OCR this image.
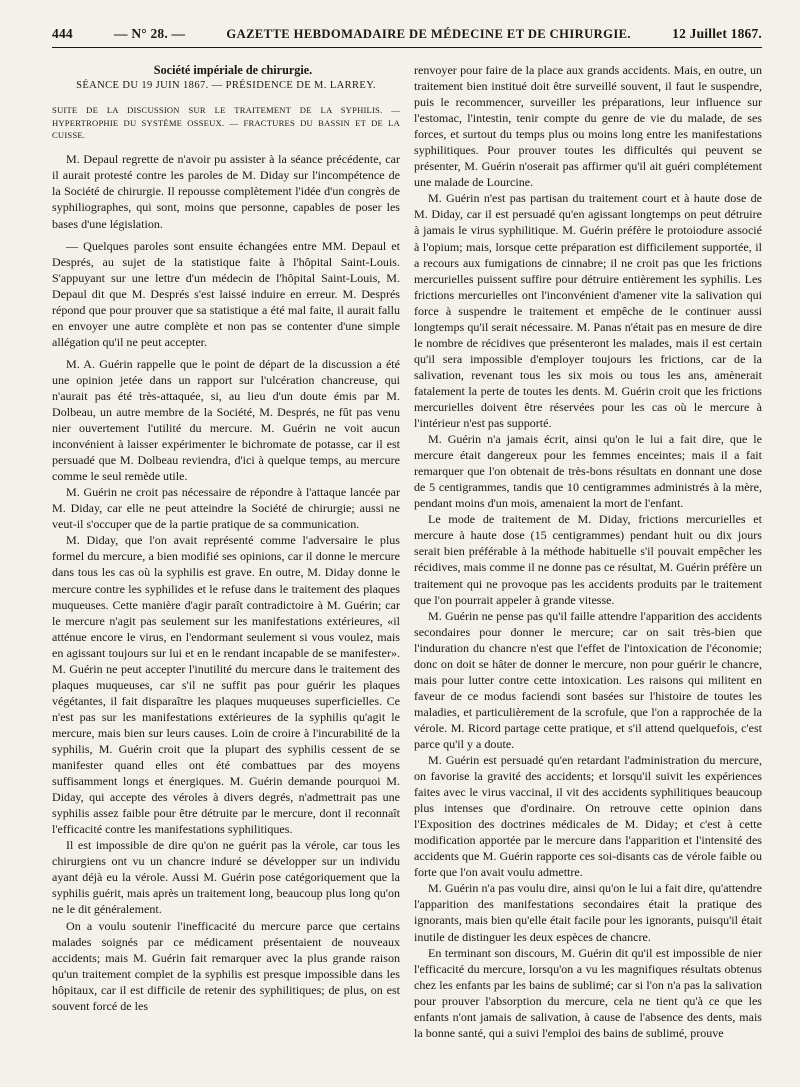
444	— N° 28. —	GAZETTE HEBDOMADAIRE DE MÉDECINE ET DE CHIRURGIE.	12 Juillet 1867.

Société impériale de chirurgie.

SÉANCE DU 19 JUIN 1867. — PRÉSIDENCE DE M. LARREY.
SUITE DE LA DISCUSSION SUR LE TRAITEMENT DE LA SYPHILIS. — HYPERTROPHIE DU SYSTÈME OSSEUX. — FRACTURES DU BASSIN ET DE LA CUISSE.

M. Depaul regrette de n'avoir pu assister à la séance précédente, car il aurait protesté contre les paroles de M. Diday sur l'incompétence de la Société de chirurgie. Il repousse complètement l'idée d'un congrès de syphiliographes, qui sont, moins que personne, capables de poser les bases d'une législation.

— Quelques paroles sont ensuite échangées entre MM. Depaul et Després, au sujet de la statistique faite à l'hôpital Saint-Louis. S'appuyant sur une lettre d'un médecin de l'hôpital Saint-Louis, M. Depaul dit que M. Després s'est laissé induire en erreur. M. Després répond que pour prouver que sa statistique a été mal faite, il aurait fallu en envoyer une autre complète et non pas se contenter d'une simple allégation qu'il ne peut accepter.

M. A. Guérin rappelle que le point de départ de la discussion a été une opinion jetée dans un rapport sur l'ulcération chancreuse, qui n'aurait pas été très-attaquée, si, au lieu d'un doute émis par M. Dolbeau, un autre membre de la Société, M. Després, ne fût pas venu nier ouvertement l'utilité du mercure. M. Guérin ne voit aucun inconvénient à laisser expérimenter le bichromate de potasse, car il est persuadé que M. Dolbeau reviendra, d'ici à quelque temps, au mercure comme le seul remède utile.

M. Guérin ne croit pas nécessaire de répondre à l'attaque lancée par M. Diday, car elle ne peut atteindre la Société de chirurgie; aussi ne veut-il s'occuper que de la partie pratique de sa communication.

M. Diday, que l'on avait représenté comme l'adversaire le plus formel du mercure, a bien modifié ses opinions, car il donne le mercure dans tous les cas où la syphilis est grave. En outre, M. Diday donne le mercure contre les syphilides et le refuse dans le traitement des plaques muqueuses. Cette manière d'agir paraît contradictoire à M. Guérin; car le mercure n'agit pas seulement sur les manifestations extérieures, «il atténue encore le virus, en l'endormant seulement si vous voulez, mais en agissant toujours sur lui et en le rendant incapable de se manifester». M. Guérin ne peut accepter l'inutilité du mercure dans le traitement des plaques muqueuses, car s'il ne suffit pas pour guérir les plaques végétantes, il fait disparaître les plaques muqueuses superficielles. Ce n'est pas sur les manifestations extérieures de la syphilis qu'agit le mercure, mais bien sur leurs causes. Loin de croire à l'incurabilité de la syphilis, M. Guérin croit que la plupart des syphilis cessent de se manifester quand elles ont été combattues par des moyens suffisamment longs et énergiques. M. Guérin demande pourquoi M. Diday, qui accepte des véroles à divers degrés, n'admettrait pas une syphilis assez faible pour être détruite par le mercure, dont il reconnaît l'efficacité contre les manifestations syphilitiques.

Il est impossible de dire qu'on ne guérit pas la vérole, car tous les chirurgiens ont vu un chancre induré se développer sur un individu ayant déjà eu la vérole. Aussi M. Guérin pose catégoriquement que la syphilis guérit, mais après un traitement long, beaucoup plus long qu'on ne le dit généralement.

On a voulu soutenir l'inefficacité du mercure parce que certains malades soignés par ce médicament présentaient de nouveaux accidents; mais M. Guérin fait remarquer avec la plus grande raison qu'un traitement complet de la syphilis est presque impossible dans les hôpitaux, car il est difficile de retenir des syphilitiques; de plus, on est souvent forcé de les

renvoyer pour faire de la place aux grands accidents. Mais, en outre, un traitement bien institué doit être surveillé souvent, il faut le suspendre, puis le recommencer, surveiller les préparations, leur influence sur l'estomac, l'intestin, tenir compte du genre de vie du malade, de ses forces, et surtout du temps plus ou moins long entre les manifestations syphilitiques. Pour prouver toutes les difficultés qui peuvent se présenter, M. Guérin n'oserait pas affirmer qu'il ait guéri complétement une malade de Lourcine.

M. Guérin n'est pas partisan du traitement court et à haute dose de M. Diday, car il est persuadé qu'en agissant longtemps on peut détruire à jamais le virus syphilitique. M. Guérin préfère le protoiodure associé à l'opium; mais, lorsque cette préparation est difficilement supportée, il a recours aux fumigations de cinnabre; il ne croit pas que les frictions mercurielles puissent suffire pour détruire entièrement les syphilis. Les frictions mercurielles ont l'inconvénient d'amener vite la salivation qui force à suspendre le traitement et empêche de le continuer aussi longtemps qu'il serait nécessaire. M. Panas n'était pas en mesure de dire le nombre de récidives que présenteront les malades, mais il est certain qu'il sera impossible d'employer toujours les frictions, car de la salivation, revenant tous les six mois ou tous les ans, amènerait fatalement la perte de toutes les dents. M. Guérin croit que les frictions mercurielles doivent être réservées pour les cas où le mercure à l'intérieur n'est pas supporté.

M. Guérin n'a jamais écrit, ainsi qu'on le lui a fait dire, que le mercure était dangereux pour les femmes enceintes; mais il a fait remarquer que l'on obtenait de très-bons résultats en donnant une dose de 5 centigrammes, tandis que 10 centigrammes administrés à la mère, pendant moins d'un mois, amenaient la mort de l'enfant.

Le mode de traitement de M. Diday, frictions mercurielles et mercure à haute dose (15 centigrammes) pendant huit ou dix jours serait bien préférable à la méthode habituelle s'il pouvait empêcher les récidives, mais comme il ne donne pas ce résultat, M. Guérin préfère un traitement qui ne provoque pas les accidents produits par le traitement que l'on pourrait appeler à grande vitesse.

M. Guérin ne pense pas qu'il faille attendre l'apparition des accidents secondaires pour donner le mercure; car on sait très-bien que l'induration du chancre n'est que l'effet de l'intoxication de l'économie; donc on doit se hâter de donner le mercure, non pour guérir le chancre, mais pour lutter contre cette intoxication. Les raisons qui militent en faveur de ce modus faciendi sont basées sur l'histoire de toutes les maladies, et particulièrement de la scrofule, que l'on a rapprochée de la vérole. M. Ricord partage cette pratique, et s'il attend quelquefois, c'est parce qu'il y a doute.

M. Guérin est persuadé qu'en retardant l'administration du mercure, on favorise la gravité des accidents; et lorsqu'il suivit les expériences faites avec le virus vaccinal, il vit des accidents syphilitiques beaucoup plus intenses que d'ordinaire. On retrouve cette opinion dans l'Exposition des doctrines médicales de M. Diday; et c'est à cette modification apportée par le mercure dans l'apparition et l'intensité des accidents que M. Guérin rapporte ces soi-disants cas de vérole faible ou forte que l'on avait voulu admettre.

M. Guérin n'a pas voulu dire, ainsi qu'on le lui a fait dire, qu'attendre l'apparition des manifestations secondaires était la pratique des ignorants, mais bien qu'elle était facile pour les ignorants, puisqu'il était inutile de distinguer les deux espèces de chancre.

En terminant son discours, M. Guérin dit qu'il est impossible de nier l'efficacité du mercure, lorsqu'on a vu les magnifiques résultats obtenus chez les enfants par les bains de sublimé; car si l'on n'a pas la salivation pour prouver l'absorption du mercure, cela ne tient qu'à ce que les enfants n'ont jamais de salivation, à cause de l'absence des dents, mais la bonne santé, qui a suivi l'emploi des bains de sublimé, prouve
